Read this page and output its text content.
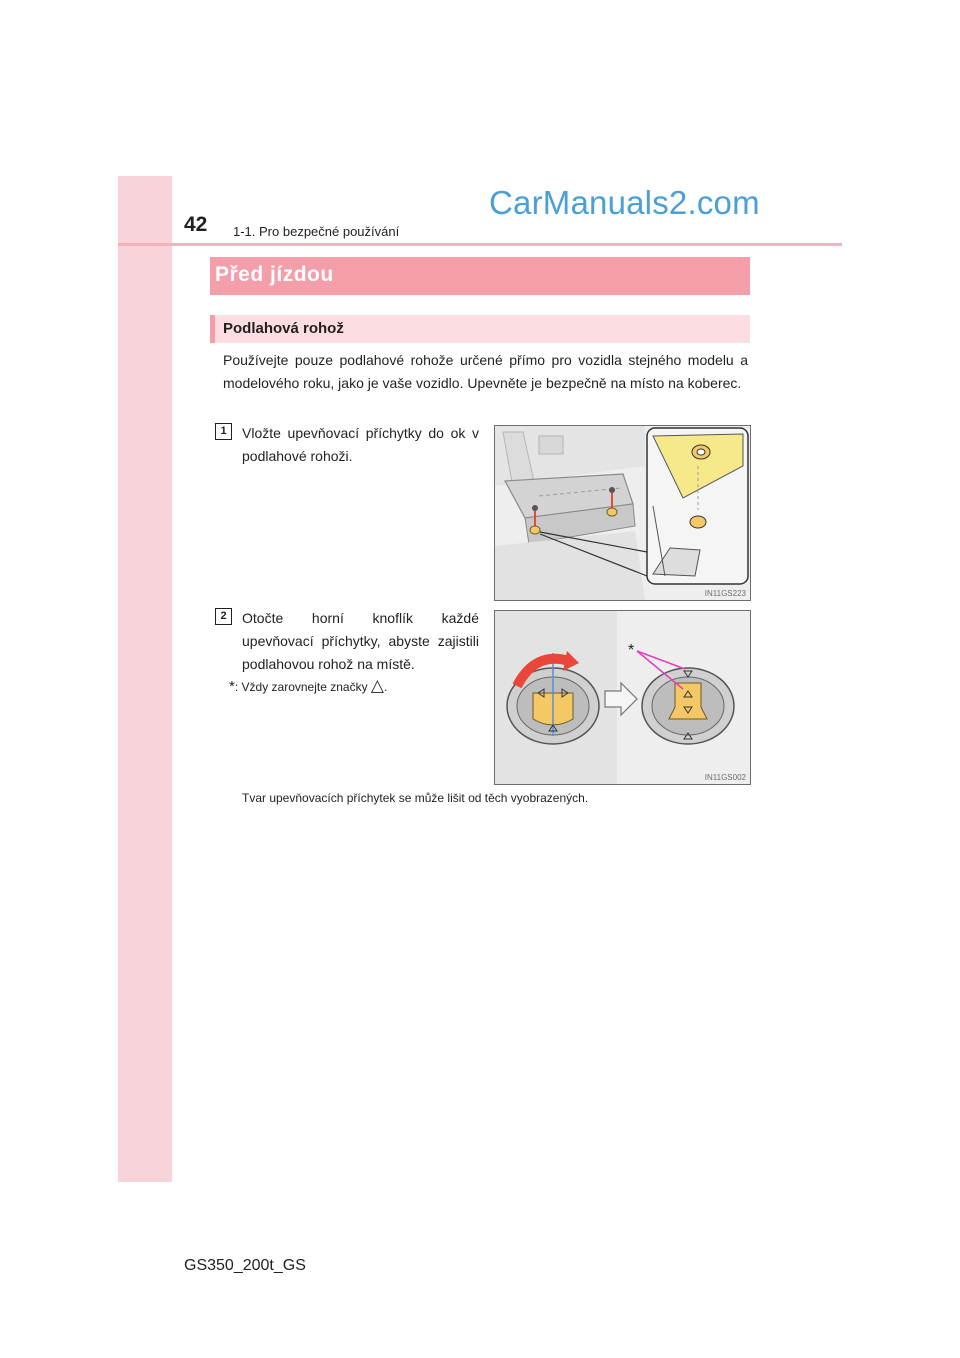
42 1-1. Pro bezpečné používání
CarManuals2.com
Před jízdou
Podlahová rohož
Používejte pouze podlahové rohože určené přímo pro vozidla stejného modelu a modelového roku, jako je vaše vozidlo. Upevněte je bezpečně na místo na koberec.
1	Vložte upevňovací příchytky do ok v podlahové rohoži.
IN11GS223
2	Otočte horní knoflík každé upevňovací příchytky, abyste zajistili podlahovou rohož na místě.
*: Vždy zarovnejte značky △.
*
IN11GS002
Tvar upevňovacích příchytek se může lišit od těch vyobrazených.
GS350_200t_GS
